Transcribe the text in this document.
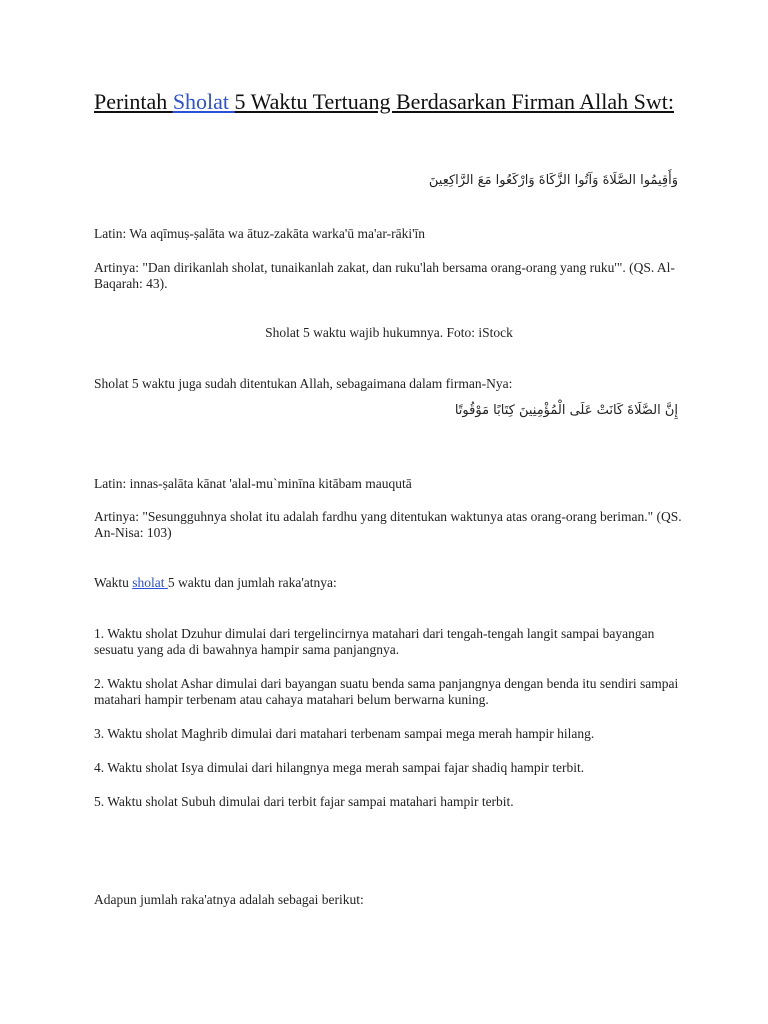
Perintah Sholat 5 Waktu Tertuang Berdasarkan Firman Allah Swt:
وَأَقِيمُوا الصَّلَاةَ وَآتُوا الزَّكَاةَ وَارْكَعُوا مَعَ الرَّاكِعِينَ
Latin: Wa aqīmuṣ-ṣalāta wa ātuz-zakāta warka'ū ma'ar-rāki'īn
Artinya: "Dan dirikanlah sholat, tunaikanlah zakat, dan ruku'lah bersama orang-orang yang ruku'". (QS. Al-Baqarah: 43).
Sholat 5 waktu wajib hukumnya. Foto: iStock
Sholat 5 waktu juga sudah ditentukan Allah, sebagaimana dalam firman-Nya:
إِنَّ الصَّلَاةَ كَانَتْ عَلَى الْمُؤْمِنِينَ كِتَابًا مَوْقُوتًا
Latin: innas-ṣalāta kānat 'alal-mu`minīna kitābam mauqutā
Artinya: "Sesungguhnya sholat itu adalah fardhu yang ditentukan waktunya atas orang-orang beriman." (QS. An-Nisa: 103)
Waktu sholat 5 waktu dan jumlah raka'atnya:
1. Waktu sholat Dzuhur dimulai dari tergelincirnya matahari dari tengah-tengah langit sampai bayangan sesuatu yang ada di bawahnya hampir sama panjangnya.
2. Waktu sholat Ashar dimulai dari bayangan suatu benda sama panjangnya dengan benda itu sendiri sampai matahari hampir terbenam atau cahaya matahari belum berwarna kuning.
3. Waktu sholat Maghrib dimulai dari matahari terbenam sampai mega merah hampir hilang.
4. Waktu sholat Isya dimulai dari hilangnya mega merah sampai fajar shadiq hampir terbit.
5. Waktu sholat Subuh dimulai dari terbit fajar sampai matahari hampir terbit.
Adapun jumlah raka'atnya adalah sebagai berikut:
